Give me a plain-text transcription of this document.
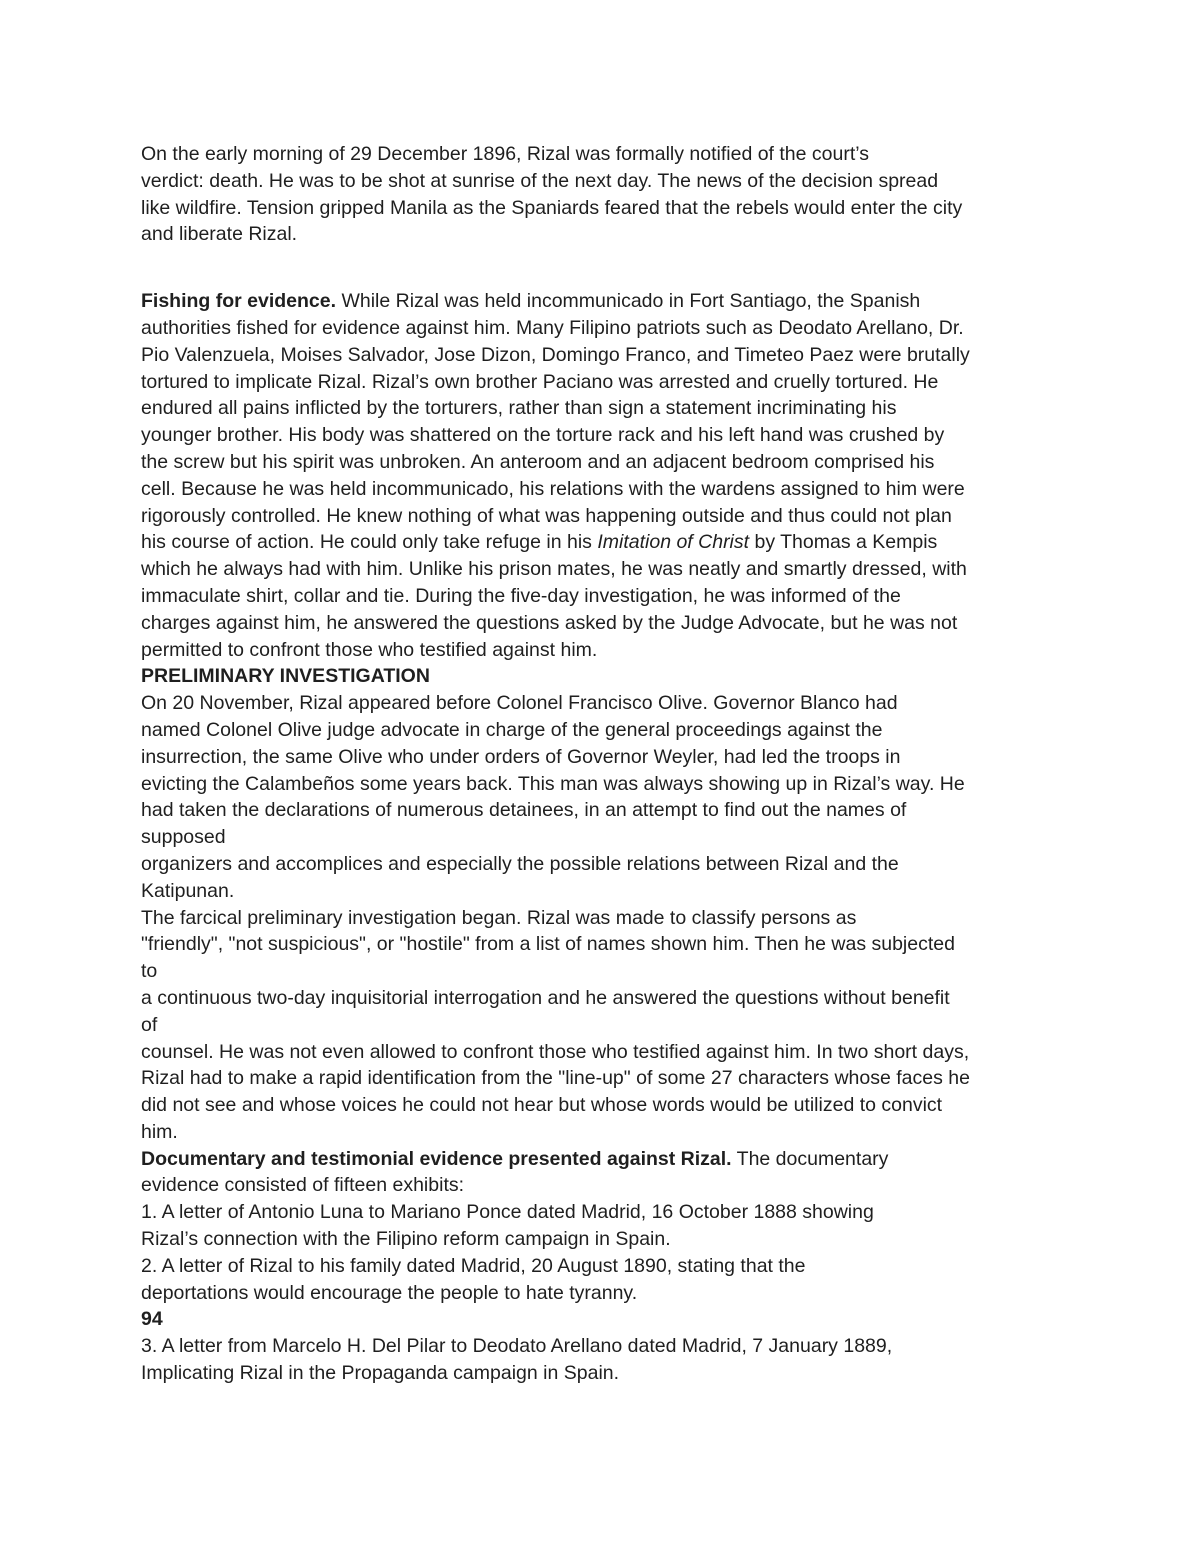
On the early morning of 29 December 1896, Rizal was formally notified of the court’s
verdict: death. He was to be shot at sunrise of the next day. The news of the decision spread
like wildfire. Tension gripped Manila as the Spaniards feared that the rebels would enter the city
and liberate Rizal.
Fishing for evidence. While Rizal was held incommunicado in Fort Santiago, the Spanish
authorities fished for evidence against him. Many Filipino patriots such as Deodato Arellano, Dr.
Pio Valenzuela, Moises Salvador, Jose Dizon, Domingo Franco, and Timeteo Paez were brutally
tortured to implicate Rizal. Rizal’s own brother Paciano was arrested and cruelly tortured. He
endured all pains inflicted by the torturers, rather than sign a statement incriminating his
younger brother. His body was shattered on the torture rack and his left hand was crushed by
the screw but his spirit was unbroken. An anteroom and an adjacent bedroom comprised his
cell. Because he was held incommunicado, his relations with the wardens assigned to him were
rigorously controlled. He knew nothing of what was happening outside and thus could not plan
his course of action. He could only take refuge in his Imitation of Christ by Thomas a Kempis
which he always had with him. Unlike his prison mates, he was neatly and smartly dressed, with
immaculate shirt, collar and tie. During the five-day investigation, he was informed of the
charges against him, he answered the questions asked by the Judge Advocate, but he was not
permitted to confront those who testified against him.
PRELIMINARY INVESTIGATION
On 20 November, Rizal appeared before Colonel Francisco Olive. Governor Blanco had
named Colonel Olive judge advocate in charge of the general proceedings against the
insurrection, the same Olive who under orders of Governor Weyler, had led the troops in
evicting the Calambeños some years back. This man was always showing up in Rizal’s way. He
had taken the declarations of numerous detainees, in an attempt to find out the names of
supposed
organizers and accomplices and especially the possible relations between Rizal and the
Katipunan.
The farcical preliminary investigation began. Rizal was made to classify persons as
"friendly", "not suspicious", or "hostile" from a list of names shown him. Then he was subjected
to
a continuous two-day inquisitorial interrogation and he answered the questions without benefit
of
counsel. He was not even allowed to confront those who testified against him. In two short days,
Rizal had to make a rapid identification from the "line-up" of some 27 characters whose faces he
did not see and whose voices he could not hear but whose words would be utilized to convict
him.
Documentary and testimonial evidence presented against Rizal. The documentary
evidence consisted of fifteen exhibits:
1. A letter of Antonio Luna to Mariano Ponce dated Madrid, 16 October 1888 showing
Rizal’s connection with the Filipino reform campaign in Spain.
2. A letter of Rizal to his family dated Madrid, 20 August 1890, stating that the
deportations would encourage the people to hate tyranny.
94
3. A letter from Marcelo H. Del Pilar to Deodato Arellano dated Madrid, 7 January 1889,
Implicating Rizal in the Propaganda campaign in Spain.
